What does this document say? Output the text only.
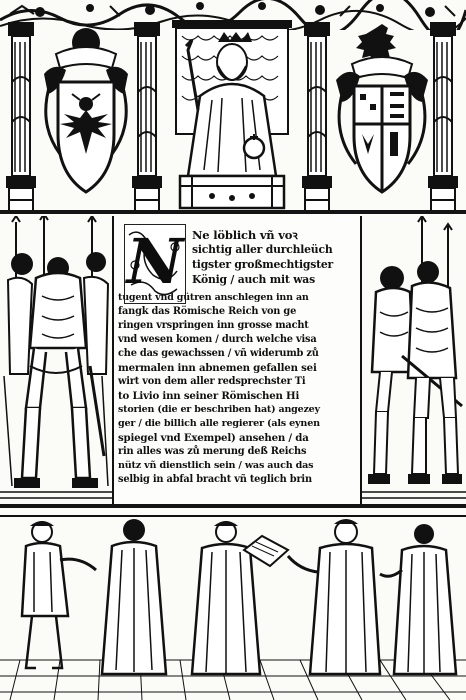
N Ne löblich vñ voꝛ
sichtig aller durchleüch
tigster großmechtigster
König / auch mit was
tugent vnd gütren anschlegen inn an
fangk das Römische Reich von ge
ringen vrspringen inn grosse macht
vnd wesen komen / durch welche visa
che das gewachssen / vñ widerumb zů
mermalen inn abnemen gefallen sei
wirt von dem aller redsprechster Ti
to Livio inn seiner Römischen Hi
storien (die er beschriben hat) angezey
ger / die billich alle regierer (als eynen
spiegel vnd Exempel) ansehen / da
rin alles was zů merung deß Reichs
nütz vñ dienstlich sein / was auch das
selbig in abfal bracht vñ teglich brin
